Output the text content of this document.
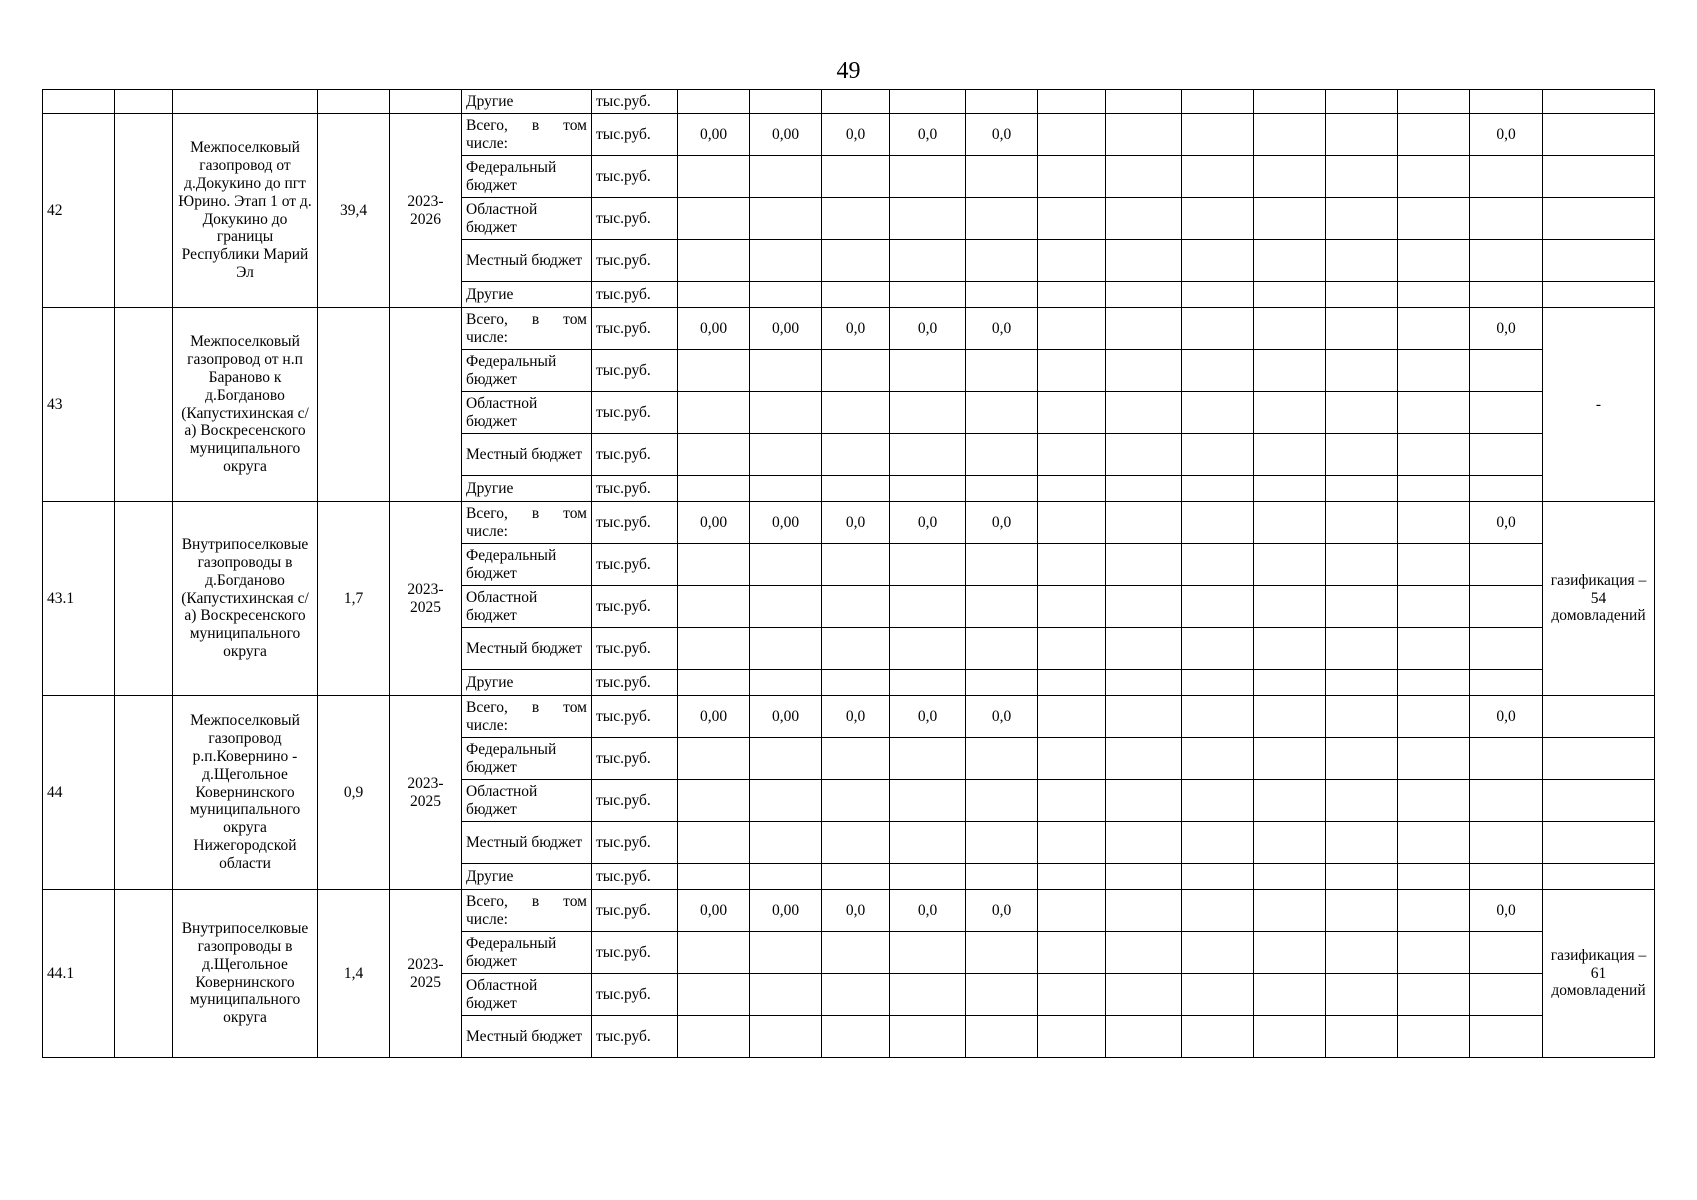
49
					Другие	тыс.руб.													
42		Межпоселковый газопровод от д.Докукино до пгт Юрино. Этап 1 от д. Докукино до границы Республики Марий Эл	39,4	2023-2026	Всего, в том числе:	тыс.руб.	0,00	0,00	0,0	0,0	0,0							0,0	
					Федеральный бюджет	тыс.руб.													
					Областной бюджет	тыс.руб.													
					Местный бюджет	тыс.руб.													
					Другие	тыс.руб.													
43		Межпоселковый газопровод от н.п Бараново к д.Богданово (Капустихинская с/а) Воскресенского муниципального округа			Всего, в том числе:	тыс.руб.	0,00	0,00	0,0	0,0	0,0							0,0	-
					Федеральный бюджет	тыс.руб.													
					Областной бюджет	тыс.руб.													
					Местный бюджет	тыс.руб.													
					Другие	тыс.руб.													
43.1		Внутрипоселковые газопроводы в д.Богданово (Капустихинская с/а) Воскресенского муниципального округа	1,7	2023-2025	Всего, в том числе:	тыс.руб.	0,00	0,00	0,0	0,0	0,0							0,0	газификация – 54 домовладений
					Федеральный бюджет	тыс.руб.													
					Областной бюджет	тыс.руб.													
					Местный бюджет	тыс.руб.													
					Другие	тыс.руб.													
44		Межпоселковый газопровод р.п.Ковернино - д.Щегольное Ковернинского муниципального округа Нижегородской области	0,9	2023-2025	Всего, в том числе:	тыс.руб.	0,00	0,00	0,0	0,0	0,0							0,0	
					Федеральный бюджет	тыс.руб.													
					Областной бюджет	тыс.руб.													
					Местный бюджет	тыс.руб.													
					Другие	тыс.руб.													
44.1		Внутрипоселковые газопроводы в д.Щегольное Ковернинского муниципального округа	1,4	2023-2025	Всего, в том числе:	тыс.руб.	0,00	0,00	0,0	0,0	0,0							0,0	газификация – 61 домовладений
					Федеральный бюджет	тыс.руб.													
					Областной бюджет	тыс.руб.													
					Местный бюджет	тыс.руб.													
